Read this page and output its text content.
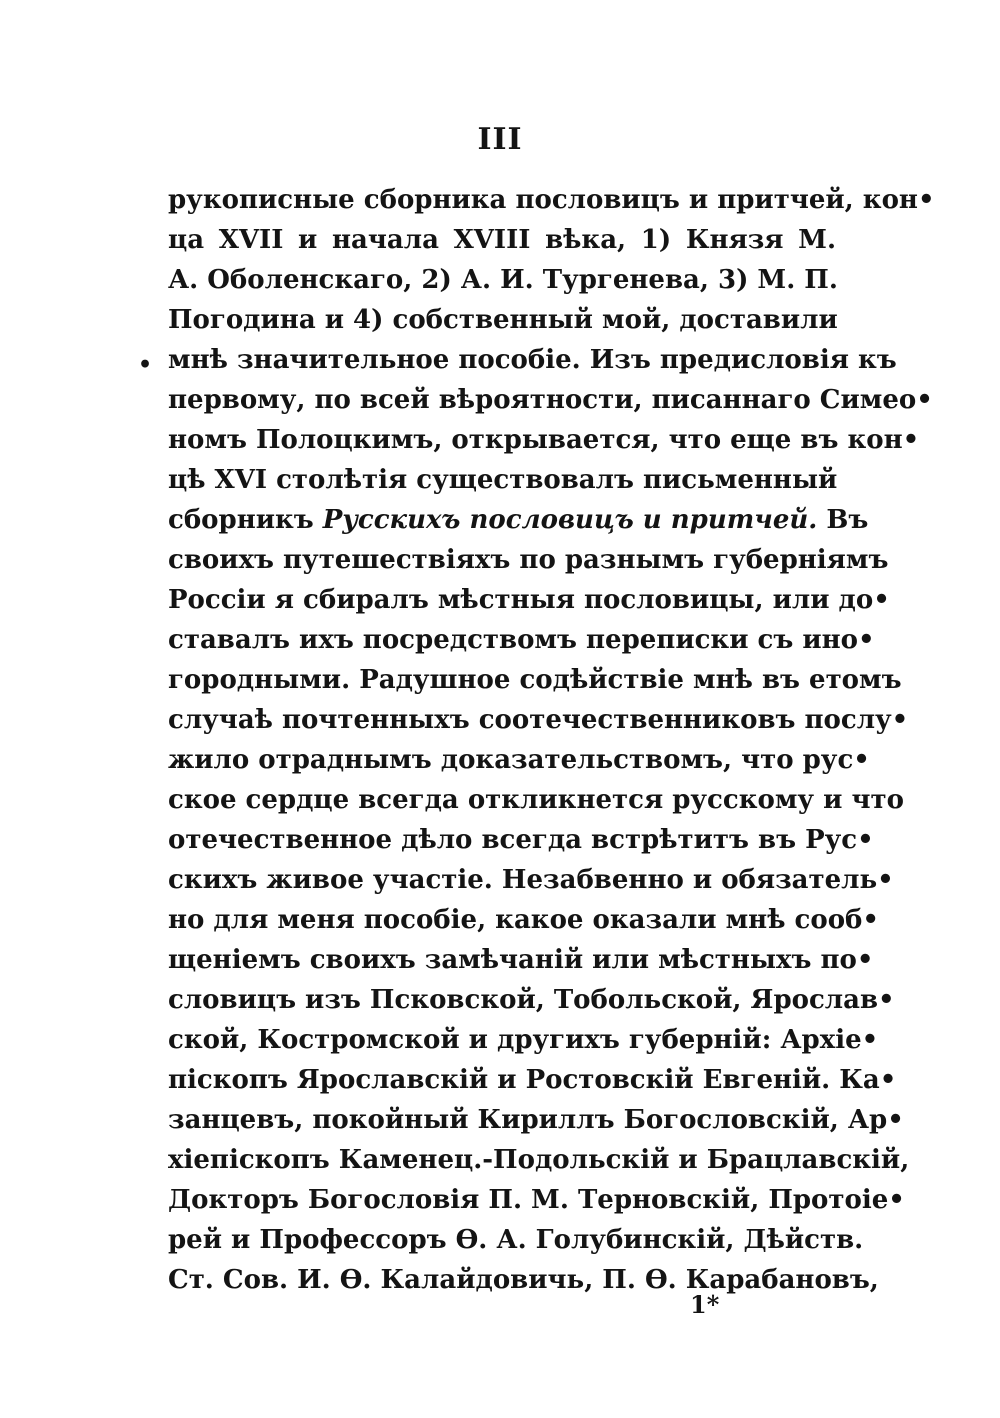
III
•
рукописные сборника пословицъ и притчей, кон•
ца XVII и начала XVIII вѣка, 1) Князя М.
А. Оболенскаго, 2) А. И. Тургенева, 3) М. П.
Погодина и 4) собственный мой, доставили
мнѣ значительное пособіе. Изъ предисловія къ
первому, по всей вѣроятности, писаннаго Симео•
номъ Полоцкимъ, открывается, что еще въ кон•
цѣ XVI столѣтія существовалъ письменный
сборникъ Русскихъ пословицъ и притчей. Въ
своихъ путешествіяхъ по разнымъ губерніямъ
Россіи я сбиралъ мѣстныя пословицы, или до•
ставалъ ихъ посредствомъ переписки съ ино•
городными. Радушное содѣйствіе мнѣ въ етомъ
случаѣ почтенныхъ соотечественниковъ послу•
жило отраднымъ доказательствомъ, что рус•
ское сердце всегда откликнется русскому и что
отечественное дѣло всегда встрѣтитъ въ Рус•
скихъ живое участіе. Незабвенно и обязатель•
но для меня пособіе, какое оказали мнѣ сооб•
щеніемъ своихъ замѣчаній или мѣстныхъ по•
словицъ изъ Псковской, Тобольской, Ярослав•
ской, Костромской и другихъ губерній: Архіе•
піскопъ Ярославскій и Ростовскій Евгеній. Ка•
занцевъ, покойный Кириллъ Богословскій, Ар•
хіепіскопъ Каменец.-Подольскій и Брацлавскій,
Докторъ Богословія П. М. Терновскій, Протоіе•
рей и Профессоръ Ѳ. А. Голубинскій, Дѣйств.
Ст. Сов. И. Ѳ. Калайдовичь, П. Ѳ. Карабановъ,
1*
